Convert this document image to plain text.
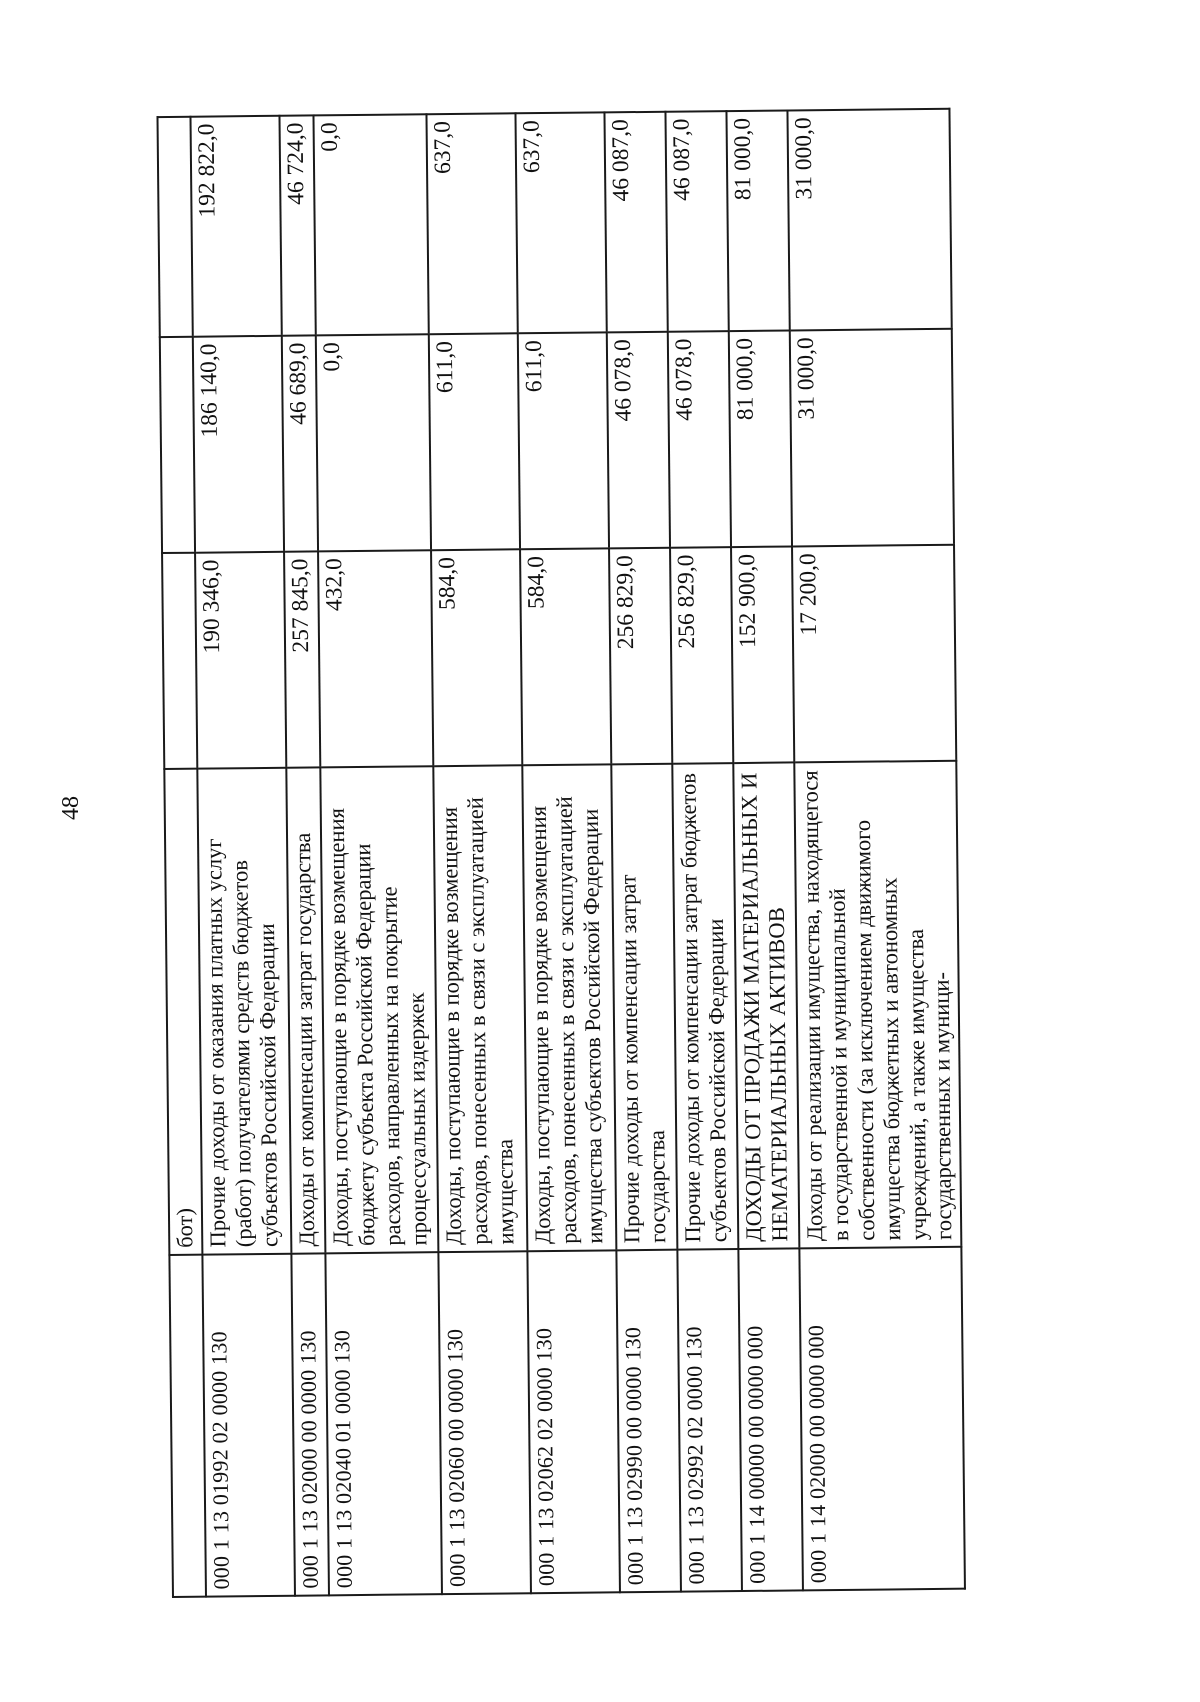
48
	бот)			
000 1 13 01992 02 0000 130	Прочие доходы от оказания платных услуг (работ) получателями средств бюджетов субъектов Российской Федерации	190 346,0	186 140,0	192 822,0
000 1 13 02000 00 0000 130	Доходы от компенсации затрат государства	257 845,0	46 689,0	46 724,0
000 1 13 02040 01 0000 130	Доходы, поступающие в порядке возмещения бюджету субъекта Российской Федерации расходов, направленных на покрытие процессуальных издержек	432,0	0,0	0,0
000 1 13 02060 00 0000 130	Доходы, поступающие в порядке возмещения расходов, понесенных в связи с эксплуатацией имущества	584,0	611,0	637,0
000 1 13 02062 02 0000 130	Доходы, поступающие в порядке возмещения расходов, понесенных в связи с эксплуатацией имущества субъектов Российской Федерации	584,0	611,0	637,0
000 1 13 02990 00 0000 130	Прочие доходы от компенсации затрат государства	256 829,0	46 078,0	46 087,0
000 1 13 02992 02 0000 130	Прочие доходы от компенсации затрат бюджетов субъектов Российской Федерации	256 829,0	46 078,0	46 087,0
000 1 14 00000 00 0000 000	ДОХОДЫ ОТ ПРОДАЖИ МАТЕРИАЛЬНЫХ И НЕМАТЕРИАЛЬНЫХ АКТИВОВ	152 900,0	81 000,0	81 000,0
000 1 14 02000 00 0000 000	Доходы от реализации имущества, находящегося в государственной и муниципальной собственности (за исключением движимого имущества бюджетных и автономных учреждений, а также имущества государственных и муници-	17 200,0	31 000,0	31 000,0
